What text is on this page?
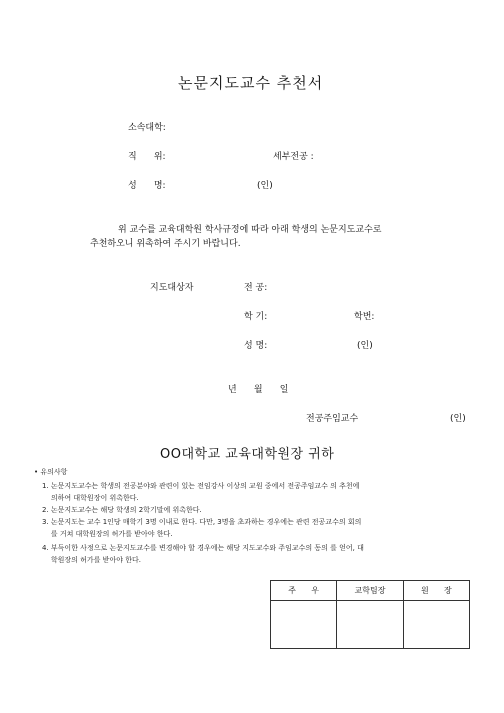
논문지도교수 추천서
소속대학:
직      위:	세부전공 :
성      명:	(인)
위 교수를 교육대학원 학사규정에 따라 아래 학생의 논문지도교수로
추천하오니 위촉하여 주시기 바랍니다.
지도대상자	전 공:
학 기:	학번:
성 명:	(인)
년      월      일
전공주임교수	(인)
OO대학교 교육대학원장 귀하
• 유의사항
1. 논문지도교수는 학생의 전공분야와 관련이 있는 전임강사 이상의 교원 중에서 전공주임교수 의 추천에
의하여 대학원장이 위촉한다.
2. 논문지도교수는 해당 학생의 2학기말에 위촉한다.
3. 논문지도는 교수 1인당 매학기 3명 이내로 한다. 다만, 3명을 초과하는 경우에는 관련 전공교수의 회의
를 거쳐 대학원장의 허가를 받아야 한다.
4. 부득이한 사정으로 논문지도교수를 변경해야 할 경우에는 해당 지도교수와 주임교수의 동의 를 얻어, 대
학원장의 허가를 받아야 한다.
주      우	교학팀장	원      장
